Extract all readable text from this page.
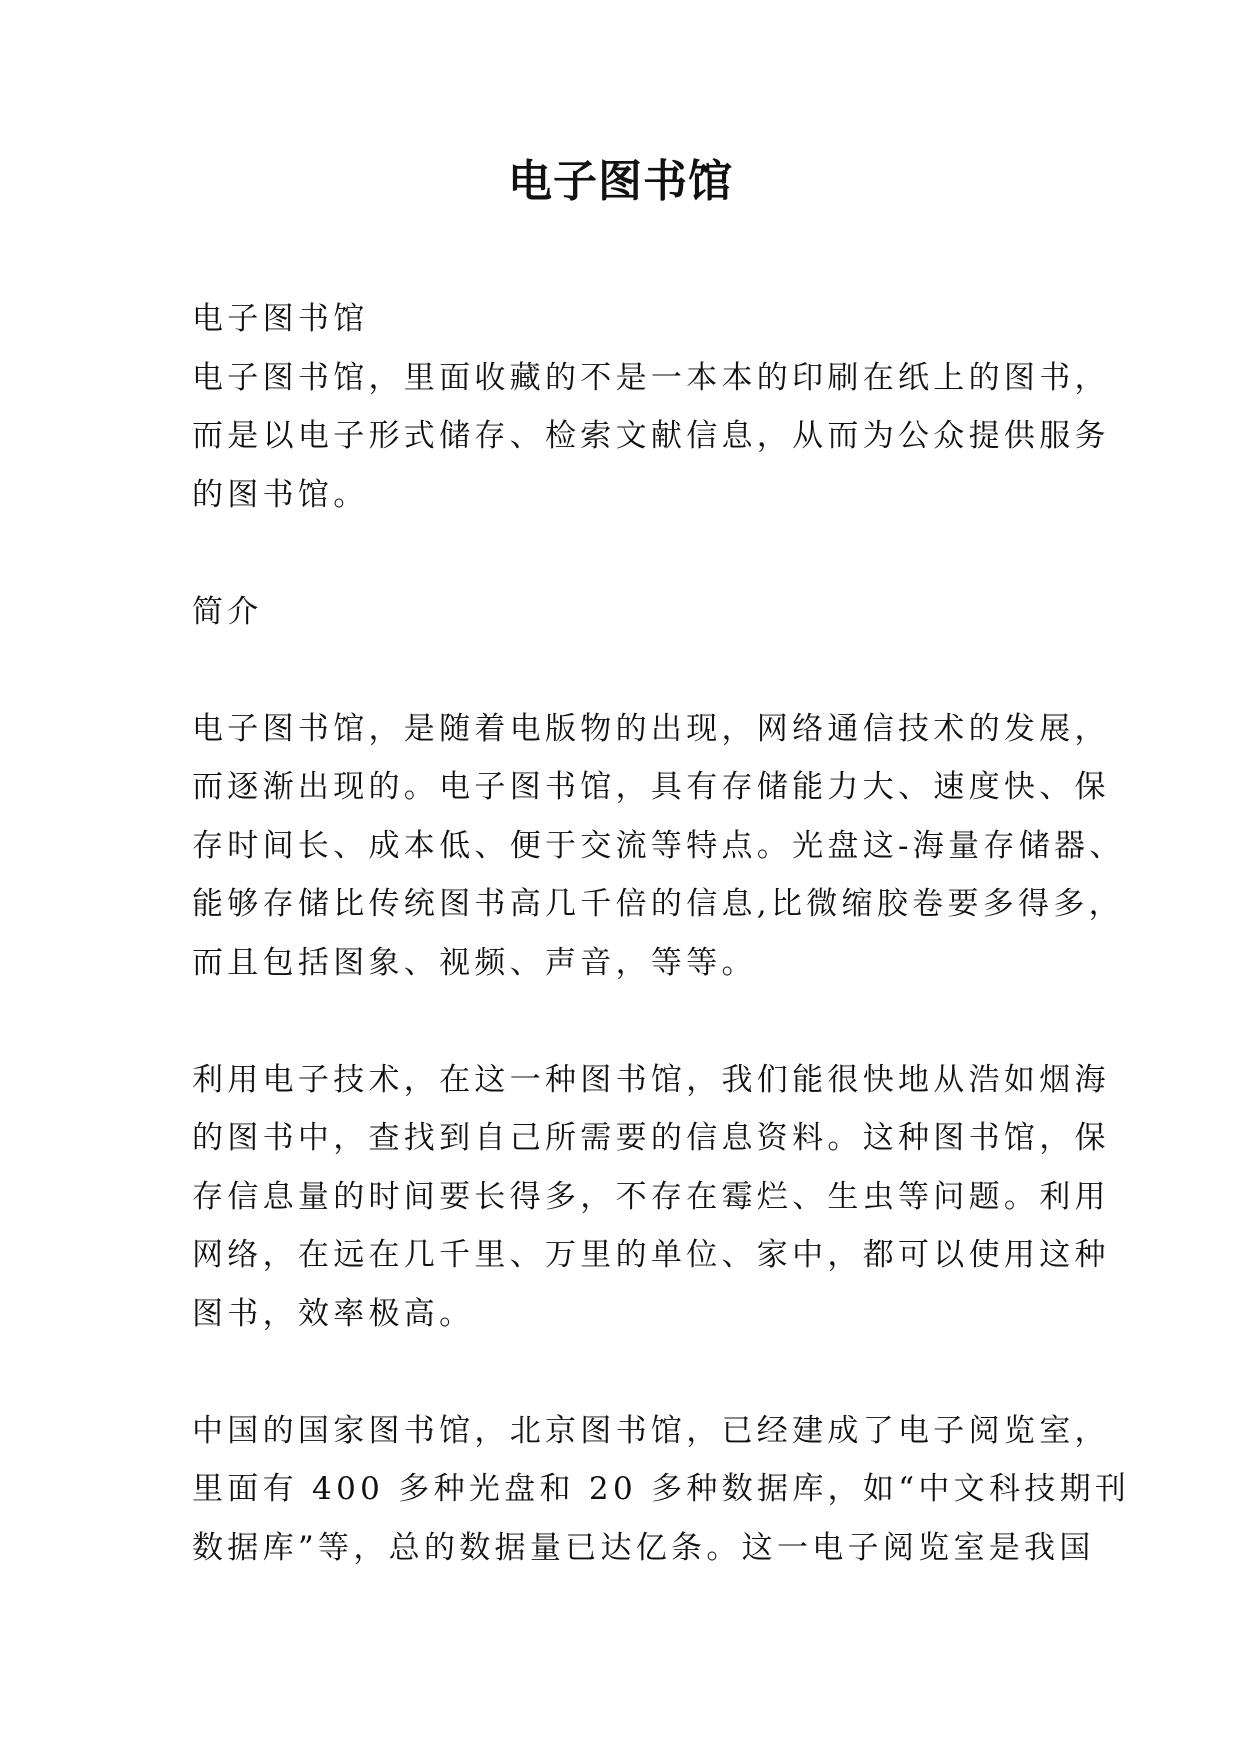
电子图书馆
电子图书馆
电子图书馆，里面收藏的不是一本本的印刷在纸上的图书，
而是以电子形式储存、检索文献信息，从而为公众提供服务
的图书馆。
简介
电子图书馆，是随着电版物的出现，网络通信技术的发展，
而逐渐出现的。电子图书馆，具有存储能力大、速度快、保
存时间长、成本低、便于交流等特点。光盘这-海量存储器、
能够存储比传统图书高几千倍的信息,比微缩胶卷要多得多，
而且包括图象、视频、声音，等等。
利用电子技术，在这一种图书馆，我们能很快地从浩如烟海
的图书中，查找到自己所需要的信息资料。这种图书馆，保
存信息量的时间要长得多，不存在霉烂、生虫等问题。利用
网络，在远在几千里、万里的单位、家中，都可以使用这种
图书，效率极高。
中国的国家图书馆，北京图书馆，已经建成了电子阅览室，
里面有 400 多种光盘和 20 多种数据库，如“中文科技期刊
数据库”等，总的数据量已达亿条。这一电子阅览室是我国
